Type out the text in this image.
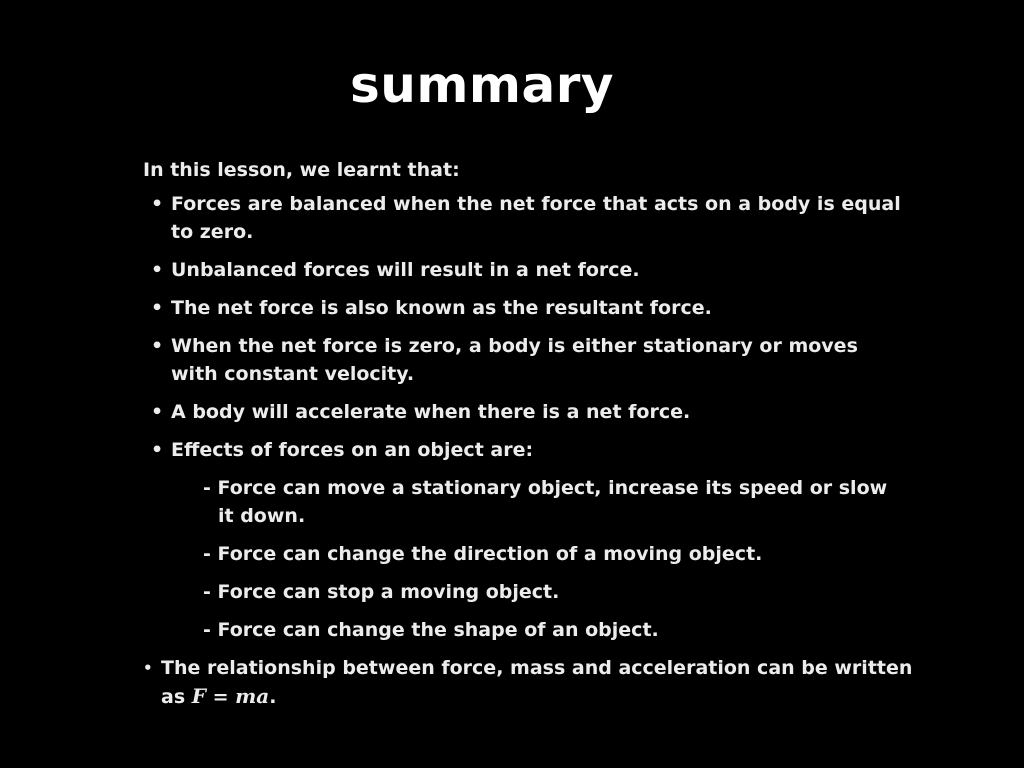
summary

In this lesson, we learnt that:

• Forces are balanced when the net force that acts on a body is equal to zero.
• Unbalanced forces will result in a net force.
• The net force is also known as the resultant force.
• When the net force is zero, a body is either stationary or moves with constant velocity.
• A body will accelerate when there is a net force.
• Effects of forces on an object are:
- Force can move a stationary object, increase its speed or slow it down.
- Force can change the direction of a moving object.
- Force can stop a moving object.
- Force can change the shape of an object.
• The relationship between force, mass and acceleration can be written as F = ma.
